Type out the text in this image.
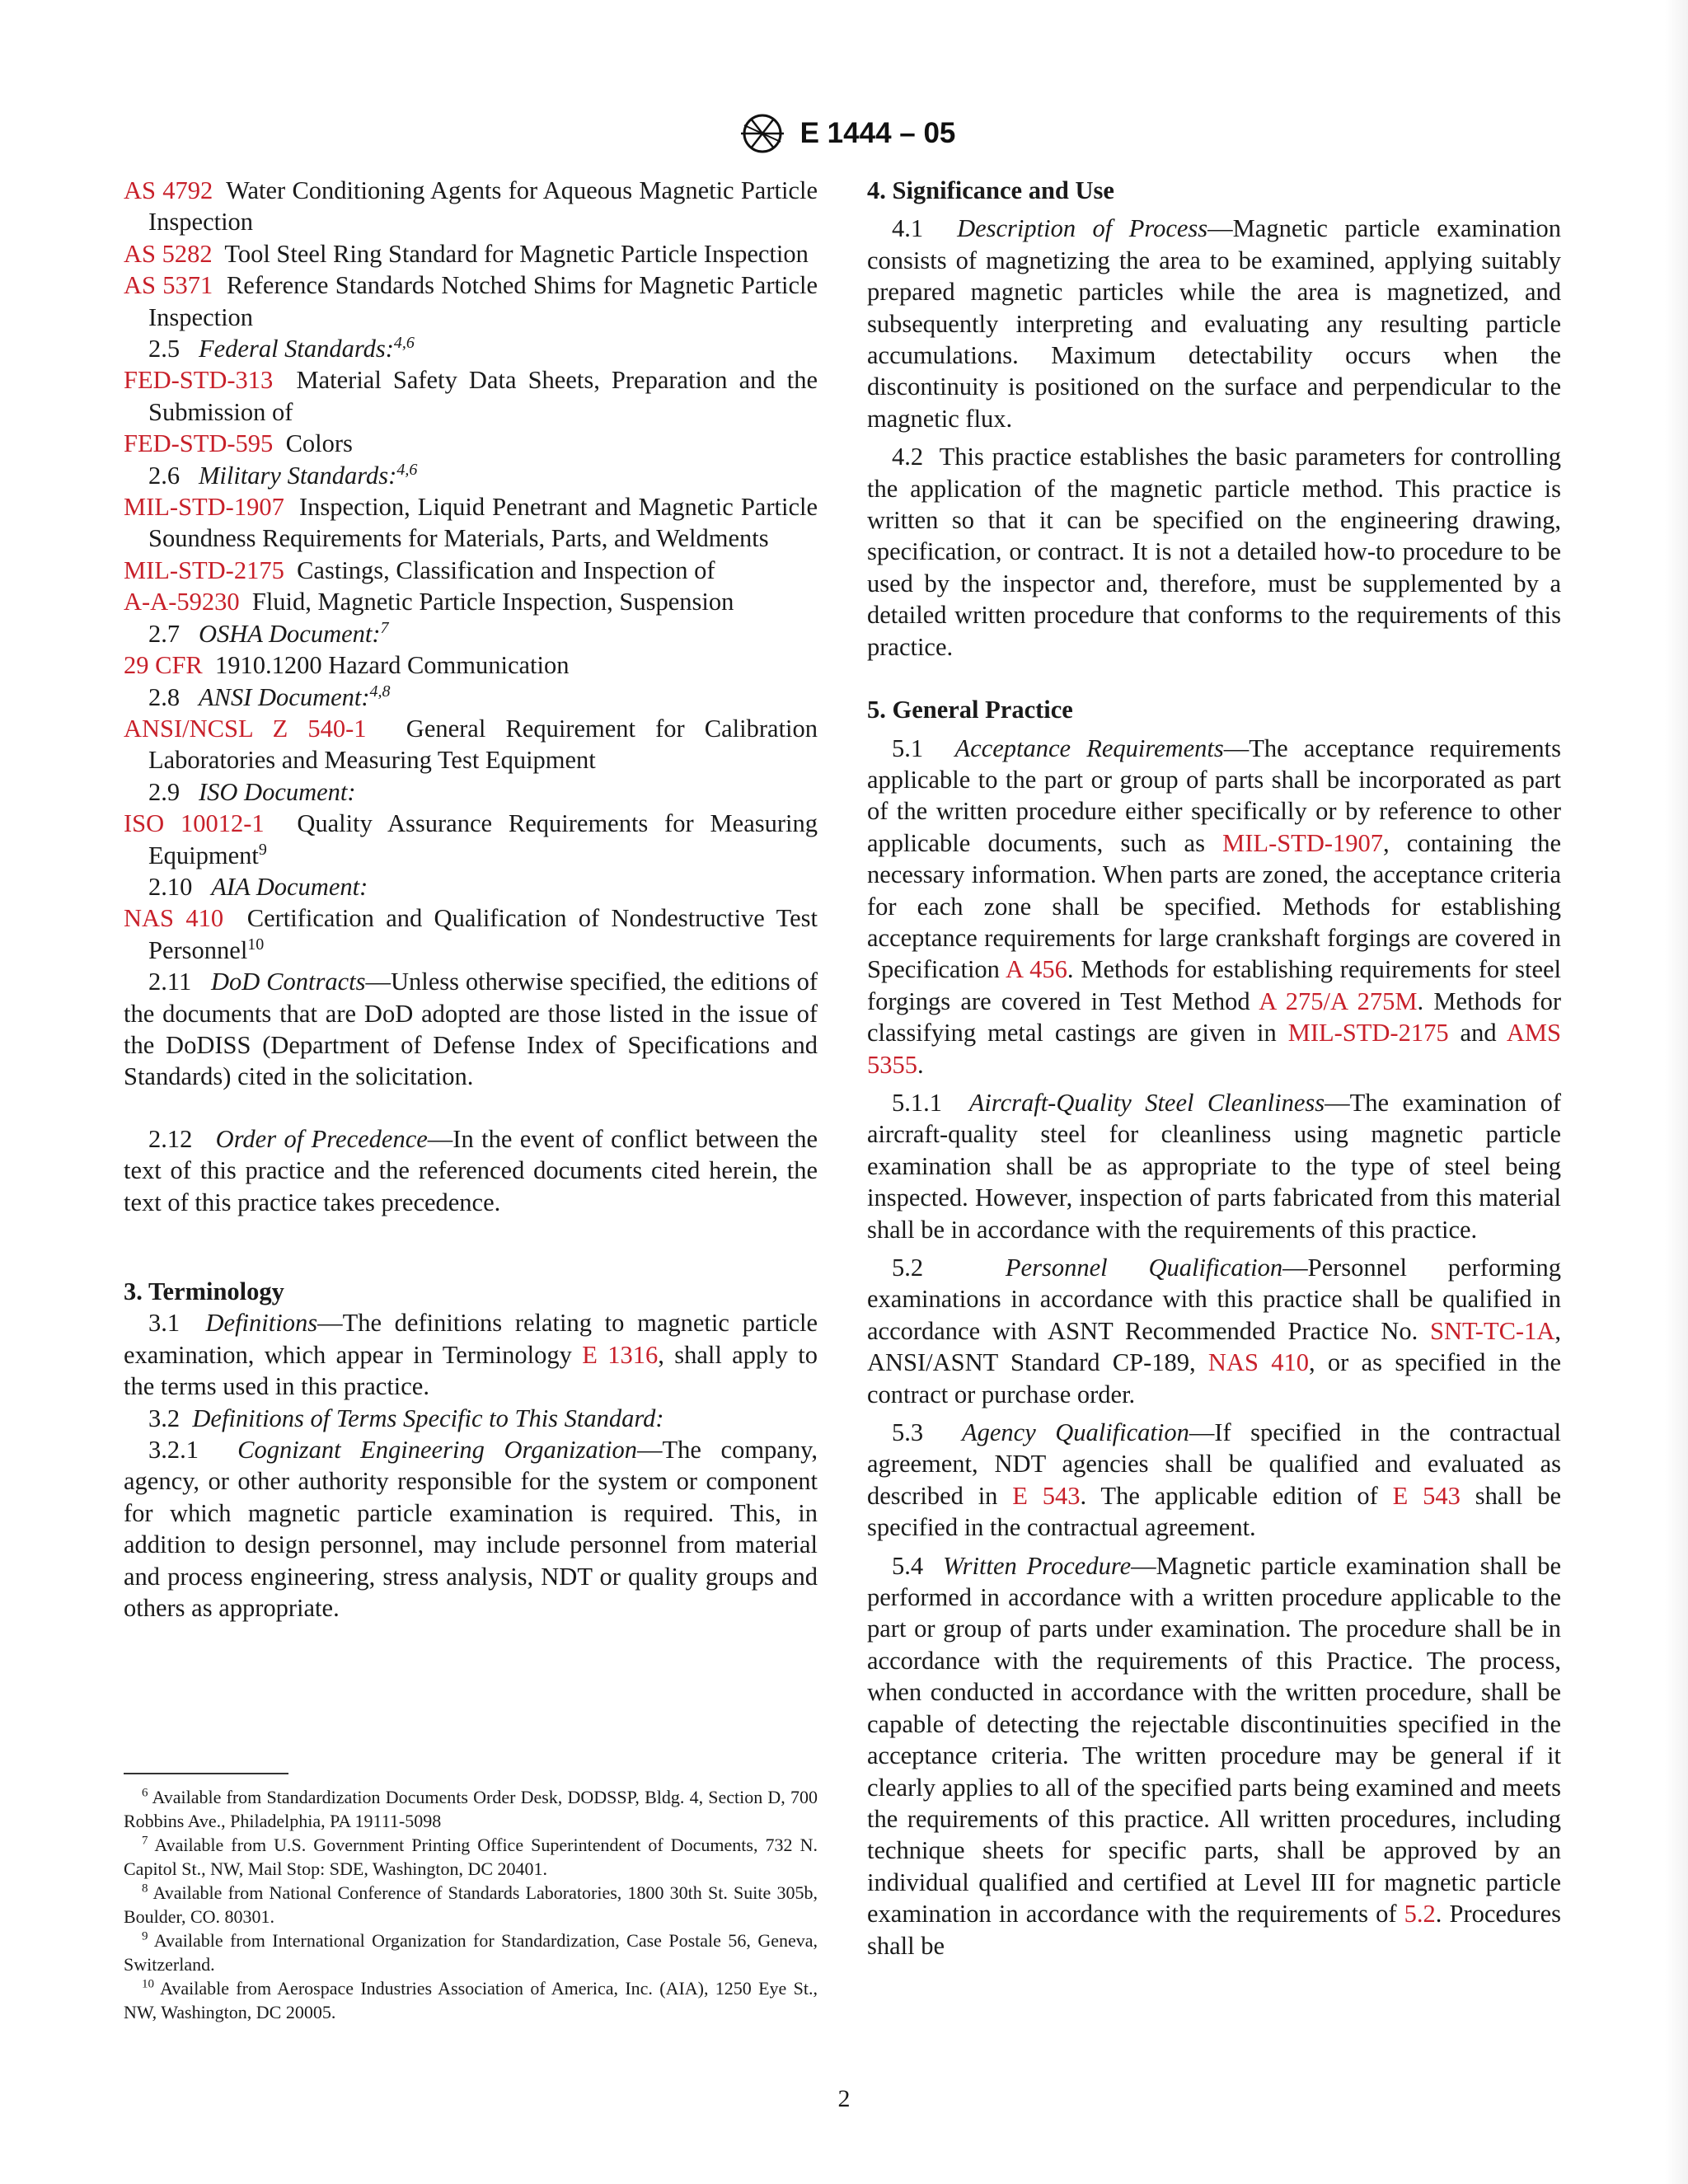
E 1444 – 05
AS 4792 Water Conditioning Agents for Aqueous Magnetic Particle Inspection
AS 5282 Tool Steel Ring Standard for Magnetic Particle Inspection
AS 5371 Reference Standards Notched Shims for Magnetic Particle Inspection
2.5 Federal Standards:$^{4,6}$
FED-STD-313 Material Safety Data Sheets, Preparation and the Submission of
FED-STD-595 Colors
2.6 Military Standards:$^{4,6}$
MIL-STD-1907 Inspection, Liquid Penetrant and Magnetic Particle Soundness Requirements for Materials, Parts, and Weldments
MIL-STD-2175 Castings, Classification and Inspection of
A-A-59230 Fluid, Magnetic Particle Inspection, Suspension
2.7 OSHA Document:$^7$
29 CFR 1910.1200 Hazard Communication
2.8 ANSI Document:$^{4,8}$
ANSI/NCSL Z 540-1 General Requirement for Calibration Laboratories and Measuring Test Equipment
2.9 ISO Document:
ISO 10012-1 Quality Assurance Requirements for Measuring Equipment$^9$
2.10 AIA Document:
NAS 410 Certification and Qualification of Nondestructive Test Personnel$^{10}$

2.11 DoD Contracts—Unless otherwise specified, the editions of the documents that are DoD adopted are those listed in the issue of the DoDISS (Department of Defense Index of Specifications and Standards) cited in the solicitation.

2.12 Order of Precedence—In the event of conflict between the text of this practice and the referenced documents cited herein, the text of this practice takes precedence.

3. Terminology

3.1 Definitions—The definitions relating to magnetic particle examination, which appear in Terminology E 1316, shall apply to the terms used in this practice.

3.2 Definitions of Terms Specific to This Standard:

3.2.1 Cognizant Engineering Organization—The company, agency, or other authority responsible for the system or component for which magnetic particle examination is required. This, in addition to design personnel, may include personnel from material and process engineering, stress analysis, NDT or quality groups and others as appropriate.

$^6$ Available from Standardization Documents Order Desk, DODSSP, Bldg. 4, Section D, 700 Robbins Ave., Philadelphia, PA 19111-5098

$^7$ Available from U.S. Government Printing Office Superintendent of Documents, 732 N. Capitol St., NW, Mail Stop: SDE, Washington, DC 20401.

$^8$ Available from National Conference of Standards Laboratories, 1800 30th St. Suite 305b, Boulder, CO. 80301.

$^9$ Available from International Organization for Standardization, Case Postale 56, Geneva, Switzerland.

$^{10}$ Available from Aerospace Industries Association of America, Inc. (AIA), 1250 Eye St., NW, Washington, DC 20005.

4. Significance and Use

4.1 Description of Process—Magnetic particle examination consists of magnetizing the area to be examined, applying suitably prepared magnetic particles while the area is magnetized, and subsequently interpreting and evaluating any resulting particle accumulations. Maximum detectability occurs when the discontinuity is positioned on the surface and perpendicular to the magnetic flux.

4.2 This practice establishes the basic parameters for controlling the application of the magnetic particle method. This practice is written so that it can be specified on the engineering drawing, specification, or contract. It is not a detailed how-to procedure to be used by the inspector and, therefore, must be supplemented by a detailed written procedure that conforms to the requirements of this practice.

5. General Practice

5.1 Acceptance Requirements—The acceptance requirements applicable to the part or group of parts shall be incorporated as part of the written procedure either specifically or by reference to other applicable documents, such as MIL-STD-1907, containing the necessary information. When parts are zoned, the acceptance criteria for each zone shall be specified. Methods for establishing acceptance requirements for large crankshaft forgings are covered in Specification A 456. Methods for establishing requirements for steel forgings are covered in Test Method A 275/A 275M. Methods for classifying metal castings are given in MIL-STD-2175 and AMS 5355.

5.1.1 Aircraft-Quality Steel Cleanliness—The examination of aircraft-quality steel for cleanliness using magnetic particle examination shall be as appropriate to the type of steel being inspected. However, inspection of parts fabricated from this material shall be in accordance with the requirements of this practice.

5.2	Personnel Qualification—Personnel performing examinations in accordance with this practice shall be qualified in accordance with ASNT Recommended Practice No. SNT-TC-1A, ANSI/ASNT Standard CP-189, NAS 410, or as specified in the contract or purchase order.

5.3 Agency Qualification—If specified in the contractual agreement, NDT agencies shall be qualified and evaluated as described in E 543. The applicable edition of E 543 shall be specified in the contractual agreement.

5.4 Written Procedure—Magnetic particle examination shall be performed in accordance with a written procedure applicable to the part or group of parts under examination. The procedure shall be in accordance with the requirements of this Practice. The process, when conducted in accordance with the written procedure, shall be capable of detecting the rejectable discontinuities specified in the acceptance criteria. The written procedure may be general if it clearly applies to all of the specified parts being examined and meets the requirements of this practice. All written procedures, including technique sheets for specific parts, shall be approved by an individual qualified and certified at Level III for magnetic particle examination in accordance with the requirements of 5.2. Procedures shall be

2
